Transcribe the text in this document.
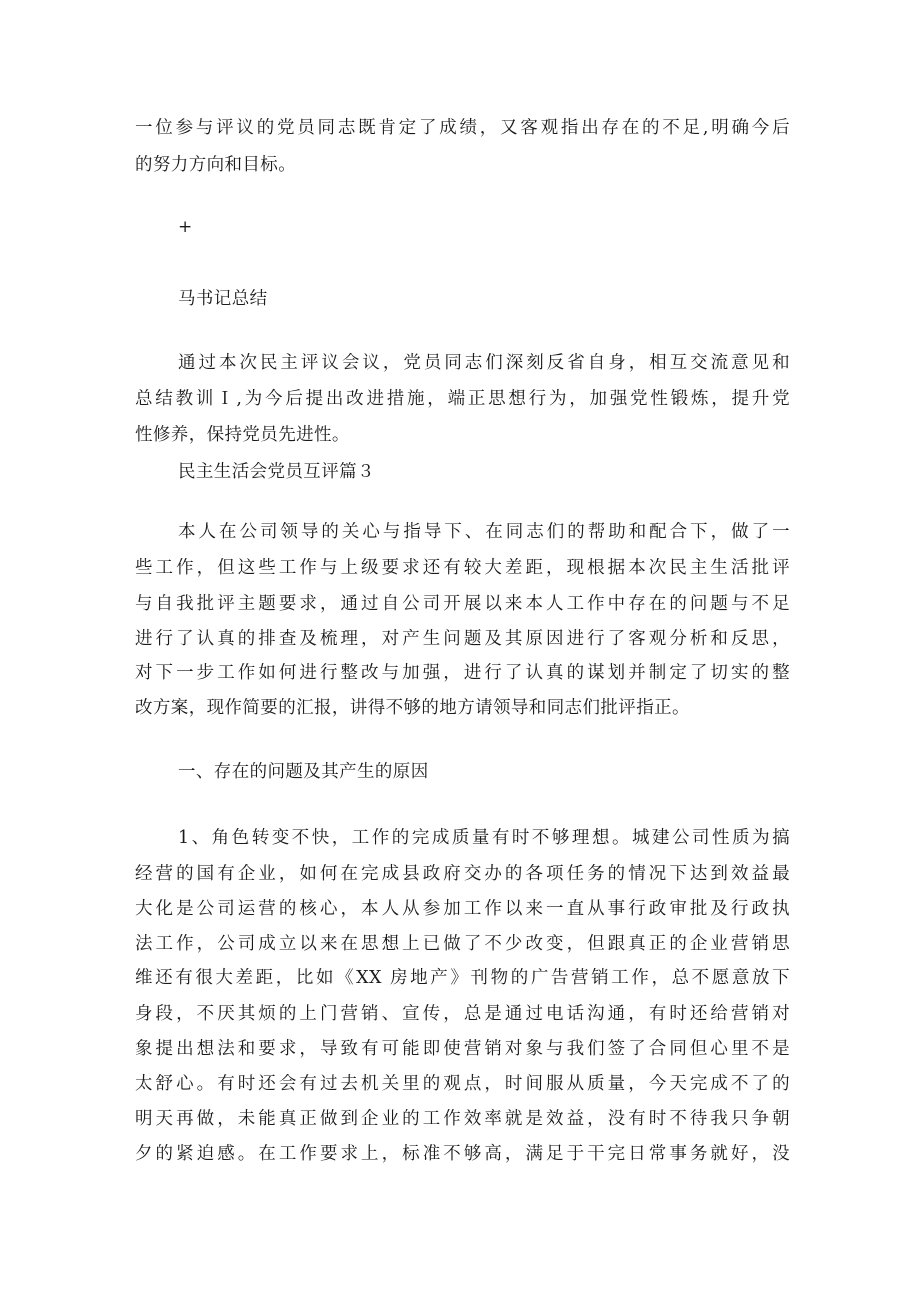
一位参与评议的党员同志既肯定了成绩，又客观指出存在的不足,明确今后
的努力方向和目标。
+
马书记总结
通过本次民主评议会议，党员同志们深刻反省自身，相互交流意见和
总结教训Ｉ,为今后提出改进措施，端正思想行为，加强党性锻炼，提升党
性修养，保持党员先进性。
民主生活会党员互评篇３
本人在公司领导的关心与指导下、在同志们的帮助和配合下，做了一
些工作，但这些工作与上级要求还有较大差距，现根据本次民主生活批评
与自我批评主题要求，通过自公司开展以来本人工作中存在的问题与不足
进行了认真的排查及梳理，对产生问题及其原因进行了客观分析和反思，
对下一步工作如何进行整改与加强，进行了认真的谋划并制定了切实的整
改方案，现作简要的汇报，讲得不够的地方请领导和同志们批评指正。
一、存在的问题及其产生的原因
1、角色转变不快，工作的完成质量有时不够理想。城建公司性质为搞
经营的国有企业，如何在完成县政府交办的各项任务的情况下达到效益最
大化是公司运营的核心，本人从参加工作以来一直从事行政审批及行政执
法工作，公司成立以来在思想上已做了不少改变，但跟真正的企业营销思
维还有很大差距，比如《XX 房地产》刊物的广告营销工作，总不愿意放下
身段，不厌其烦的上门营销、宣传，总是通过电话沟通，有时还给营销对
象提出想法和要求，导致有可能即使营销对象与我们签了合同但心里不是
太舒心。有时还会有过去机关里的观点，时间服从质量，今天完成不了的
明天再做，未能真正做到企业的工作效率就是效益，没有时不待我只争朝
夕的紧迫感。在工作要求上，标准不够高，满足于干完日常事务就好，没
